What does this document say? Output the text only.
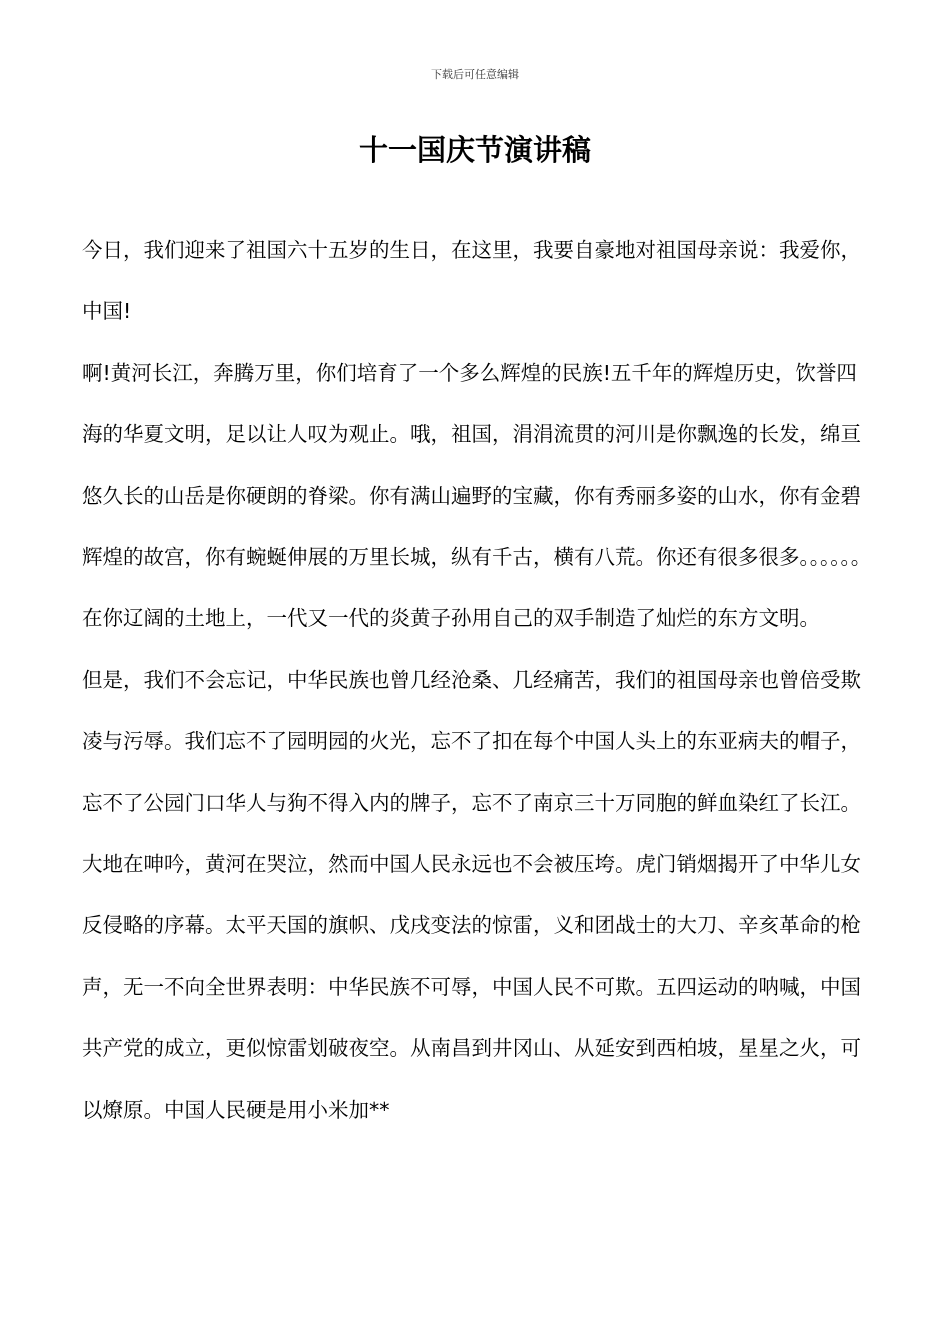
下载后可任意编辑
十一国庆节演讲稿

今日，我们迎来了祖国六十五岁的生日，在这里，我要自豪地对祖国母亲说：我爱你，中国!

啊!黄河长江，奔腾万里，你们培育了一个多么辉煌的民族!五千年的辉煌历史，饮誉四海的华夏文明，足以让人叹为观止。哦，祖国，涓涓流贯的河川是你飘逸的长发，绵亘悠久长的山岳是你硬朗的脊梁。你有满山遍野的宝藏，你有秀丽多姿的山水，你有金碧辉煌的故宫，你有蜿蜒伸展的万里长城，纵有千古，横有八荒。你还有很多很多。。。。。。在你辽阔的土地上，一代又一代的炎黄子孙用自己的双手制造了灿烂的东方文明。

但是，我们不会忘记，中华民族也曾几经沧桑、几经痛苦，我们的祖国母亲也曾倍受欺凌与污辱。我们忘不了园明园的火光，忘不了扣在每个中国人头上的东亚病夫的帽子，忘不了公园门口华人与狗不得入内的牌子，忘不了南京三十万同胞的鲜血染红了长江。大地在呻吟，黄河在哭泣，然而中国人民永远也不会被压垮。虎门销烟揭开了中华儿女反侵略的序幕。太平天国的旗帜、戊戌变法的惊雷，义和团战士的大刀、辛亥革命的枪声，无一不向全世界表明：中华民族不可辱，中国人民不可欺。五四运动的呐喊，中国共产党的成立，更似惊雷划破夜空。从南昌到井冈山、从延安到西柏坡，星星之火，可以燎原。中国人民硬是用小米加**
